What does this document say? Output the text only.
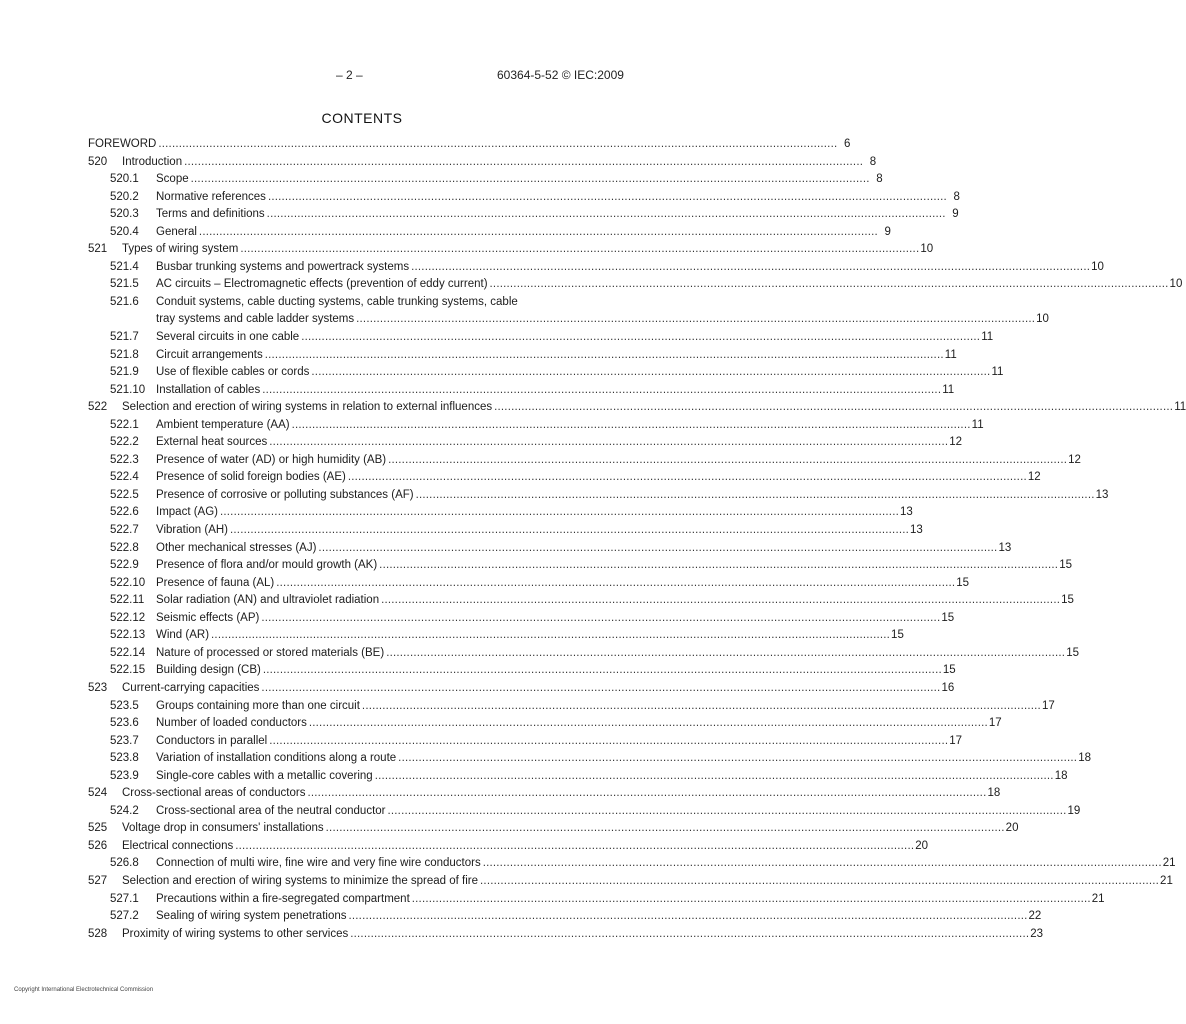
– 2 –	60364-5-52 © IEC:2009
CONTENTS
FOREWORD .....	6
520	Introduction .....	8
520.1	Scope .....	8
520.2	Normative references .....	8
520.3	Terms and definitions .....	9
520.4	General .....	9
521	Types of wiring system .....	10
521.4	Busbar trunking systems and powertrack systems .....	10
521.5	AC circuits – Electromagnetic effects (prevention of eddy current) .....	10
521.6	Conduit systems, cable ducting systems, cable trunking systems, cable
tray systems and cable ladder systems .....	10
521.7	Several circuits in one cable .....	11
521.8	Circuit arrangements .....	11
521.9	Use of flexible cables or cords .....	11
521.10 Installation of cables .....	11
522	Selection and erection of wiring systems in relation to external influences .....	11
522.1	Ambient temperature (AA) .....	11
522.2	External heat sources .....	12
522.3	Presence of water (AD) or high humidity (AB) .....	12
522.4	Presence of solid foreign bodies (AE) .....	12
522.5	Presence of corrosive or polluting substances (AF) .....	13
522.6	Impact (AG) .....	13
522.7	Vibration (AH) .....	13
522.8	Other mechanical stresses (AJ) .....	13
522.9	Presence of flora and/or mould growth (AK) .....	15
522.10 Presence of fauna (AL) .....	15
522.11	Solar radiation (AN) and ultraviolet radiation .....	15
522.12 Seismic effects (AP) .....	15
522.13 Wind (AR) .....	15
522.14 Nature of processed or stored materials (BE) .....	15
522.15 Building design (CB) .....	15
523	Current-carrying capacities .....	16
523.5	Groups containing more than one circuit .....	17
523.6	Number of loaded conductors .....	17
523.7	Conductors in parallel .....	17
523.8	Variation of installation conditions along a route .....	18
523.9	Single-core cables with a metallic covering .....	18
524	Cross-sectional areas of conductors .....	18
524.2	Cross-sectional area of the neutral conductor .....	19
525	Voltage drop in consumers' installations .....	20
526	Electrical connections .....	20
526.8	Connection of multi wire, fine wire and very fine wire conductors .....	21
527	Selection and erection of wiring systems to minimize the spread of fire .....	21
527.1	Precautions within a fire-segregated compartment .....	21
527.2	Sealing of wiring system penetrations .....	22
528	Proximity of wiring systems to other services .....	23
Copyright International Electrotechnical Commission
